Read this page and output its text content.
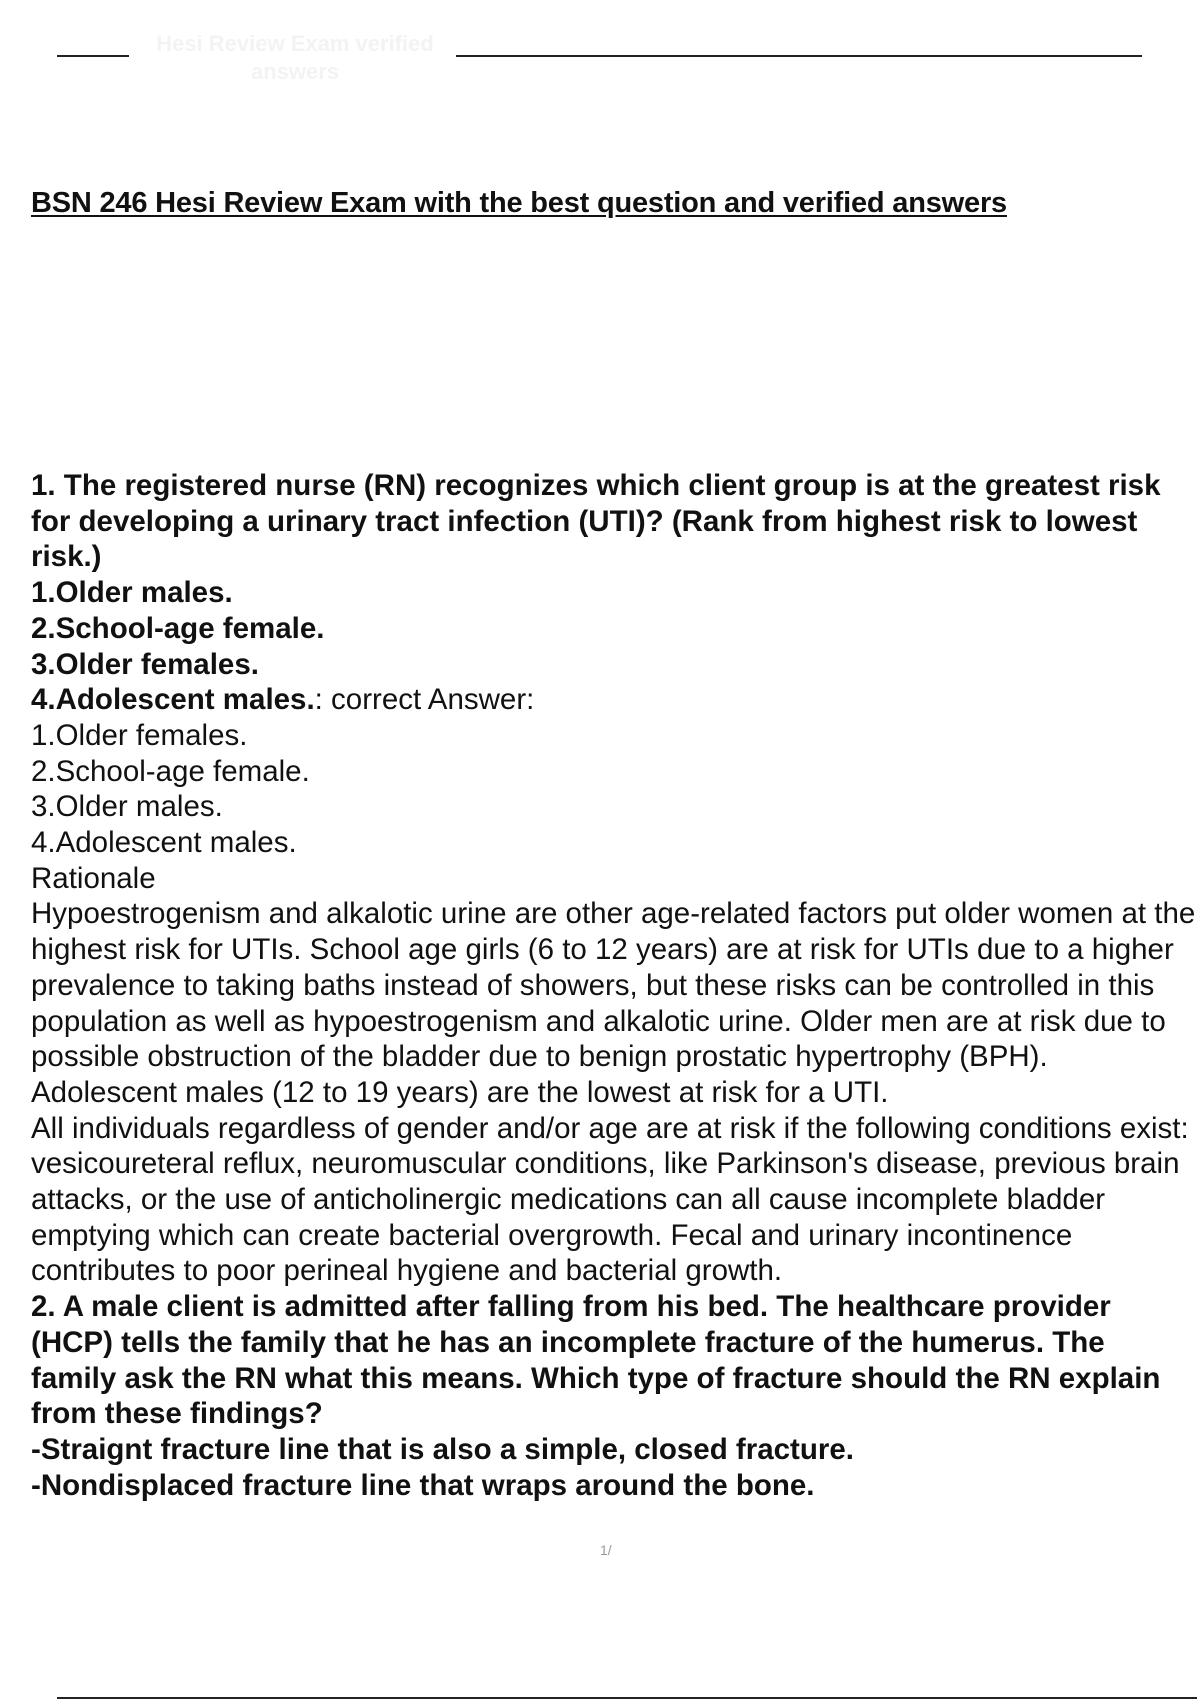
Hesi Review Exam verified answers
BSN 246 Hesi Review Exam with the best question and verified answers

1. The registered nurse (RN) recognizes which client group is at the greatest risk for developing a urinary tract infection (UTI)? (Rank from highest risk to lowest risk.)

1.Older males.

2.School-age female.

3.Older females.

4.Adolescent males.: correct Answer:

1.Older females.

2.School-age female.

3.Older males.

4.Adolescent males.

Rationale

Hypoestrogenism and alkalotic urine are other age-related factors put older women at the highest risk for UTIs. School age girls (6 to 12 years) are at risk for UTIs due to a higher prevalence to taking baths instead of showers, but these risks can be controlled in this population as well as hypoestrogenism and alkalotic urine. Older men are at risk due to possible obstruction of the bladder due to benign prostatic hypertrophy (BPH). Adolescent males (12 to 19 years) are the lowest at risk for a UTI.

All individuals regardless of gender and/or age are at risk if the following conditions exist: vesicoureteral reflux, neuromuscular conditions, like Parkinson's disease, previous brain attacks, or the use of anticholinergic medications can all cause incomplete bladder emptying which can create bacterial overgrowth. Fecal and urinary incontinence contributes to poor perineal hygiene and bacterial growth.

2. A male client is admitted after falling from his bed. The healthcare provider (HCP) tells the family that he has an incomplete fracture of the humerus. The family ask the RN what this means. Which type of fracture should the RN explain from these findings?

-Straignt fracture line that is also a simple, closed fracture.

-Nondisplaced fracture line that wraps around the bone.

1/
